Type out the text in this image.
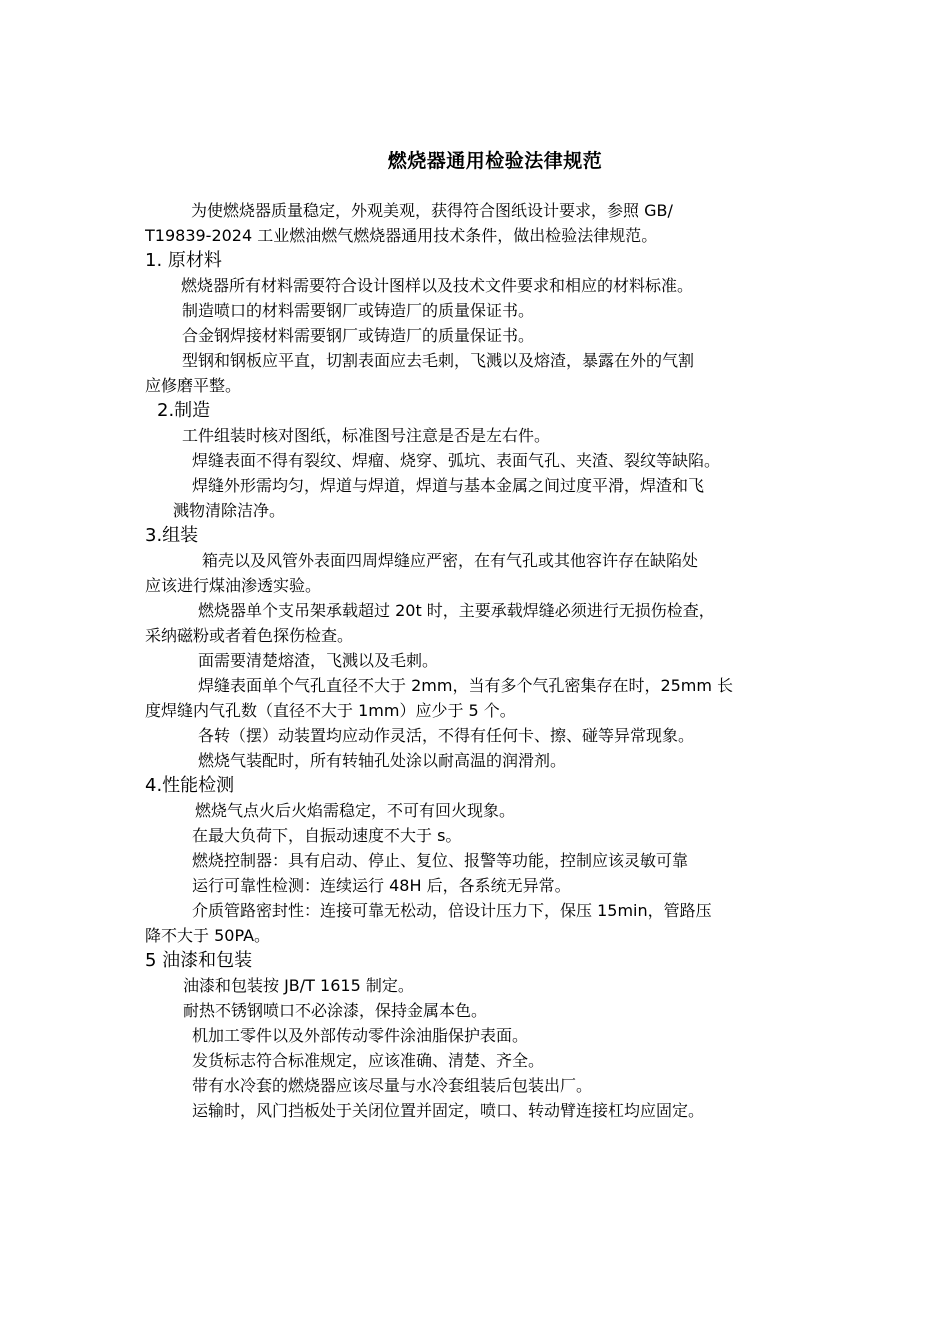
燃烧器通用检验法律规范
为使燃烧器质量稳定，外观美观，获得符合图纸设计要求，参照 GB/
T19839-2024 工业燃油燃气燃烧器通用技术条件，做出检验法律规范。
1. 原材料
燃烧器所有材料需要符合设计图样以及技术文件要求和相应的材料标准。
制造喷口的材料需要钢厂或铸造厂的质量保证书。
合金钢焊接材料需要钢厂或铸造厂的质量保证书。
型钢和钢板应平直，切割表面应去毛刺，飞溅以及熔渣，暴露在外的气割
应修磨平整。
2.制造
工件组装时核对图纸，标准图号注意是否是左右件。
焊缝表面不得有裂纹、焊瘤、烧穿、弧坑、表面气孔、夹渣、裂纹等缺陷。
焊缝外形需均匀，焊道与焊道，焊道与基本金属之间过度平滑，焊渣和飞
溅物清除洁净。
3.组装
箱壳以及风管外表面四周焊缝应严密，在有气孔或其他容许存在缺陷处
应该进行煤油渗透实验。
燃烧器单个支吊架承载超过 20t 时，主要承载焊缝必须进行无损伤检查，
采纳磁粉或者着色探伤检查。
面需要清楚熔渣，飞溅以及毛刺。
焊缝表面单个气孔直径不大于 2mm，当有多个气孔密集存在时，25mm 长
度焊缝内气孔数（直径不大于 1mm）应少于 5 个。
各转（摆）动装置均应动作灵活，不得有任何卡、擦、碰等异常现象。
燃烧气装配时，所有转轴孔处涂以耐高温的润滑剂。
4.性能检测
燃烧气点火后火焰需稳定，不可有回火现象。
在最大负荷下，自振动速度不大于 s。
燃烧控制器：具有启动、停止、复位、报警等功能，控制应该灵敏可靠
运行可靠性检测：连续运行 48H 后，各系统无异常。
介质管路密封性：连接可靠无松动，倍设计压力下，保压 15min，管路压
降不大于 50PA。
5 油漆和包装
油漆和包装按 JB/T 1615 制定。
耐热不锈钢喷口不必涂漆，保持金属本色。
机加工零件以及外部传动零件涂油脂保护表面。
发货标志符合标准规定，应该准确、清楚、齐全。
带有水冷套的燃烧器应该尽量与水冷套组装后包装出厂。
运输时，风门挡板处于关闭位置并固定，喷口、转动臂连接杠均应固定。
